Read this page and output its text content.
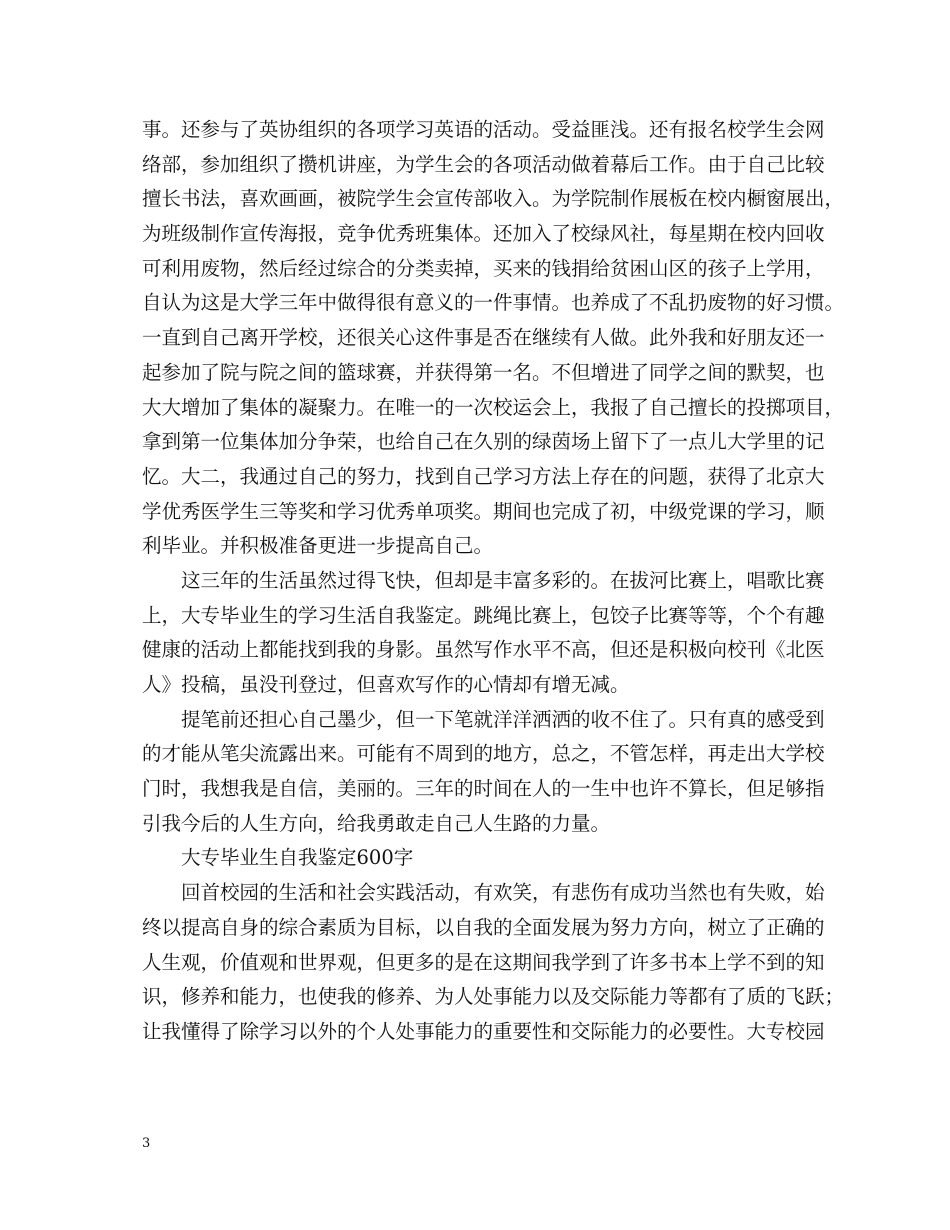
事。还参与了英协组织的各项学习英语的活动。受益匪浅。还有报名校学生会网
络部，参加组织了攒机讲座，为学生会的各项活动做着幕后工作。由于自己比较
擅长书法，喜欢画画，被院学生会宣传部收入。为学院制作展板在校内橱窗展出，
为班级制作宣传海报，竞争优秀班集体。还加入了校绿风社，每星期在校内回收
可利用废物，然后经过综合的分类卖掉，买来的钱捐给贫困山区的孩子上学用，
自认为这是大学三年中做得很有意义的一件事情。也养成了不乱扔废物的好习惯。
一直到自己离开学校，还很关心这件事是否在继续有人做。此外我和好朋友还一
起参加了院与院之间的篮球赛，并获得第一名。不但增进了同学之间的默契，也
大大增加了集体的凝聚力。在唯一的一次校运会上，我报了自己擅长的投掷项目，
拿到第一位集体加分争荣，也给自己在久别的绿茵场上留下了一点儿大学里的记
忆。大二，我通过自己的努力，找到自己学习方法上存在的问题，获得了北京大
学优秀医学生三等奖和学习优秀单项奖。期间也完成了初，中级党课的学习，顺
利毕业。并积极准备更进一步提高自己。
这三年的生活虽然过得飞快，但却是丰富多彩的。在拔河比赛上，唱歌比赛
上，大专毕业生的学习生活自我鉴定。跳绳比赛上，包饺子比赛等等，个个有趣
健康的活动上都能找到我的身影。虽然写作水平不高，但还是积极向校刊《北医
人》投稿，虽没刊登过，但喜欢写作的心情却有增无减。
提笔前还担心自己墨少，但一下笔就洋洋洒洒的收不住了。只有真的感受到
的才能从笔尖流露出来。可能有不周到的地方，总之，不管怎样，再走出大学校
门时，我想我是自信，美丽的。三年的时间在人的一生中也许不算长，但足够指
引我今后的人生方向，给我勇敢走自己人生路的力量。
大专毕业生自我鉴定600字
回首校园的生活和社会实践活动，有欢笑，有悲伤有成功当然也有失败，始
终以提高自身的综合素质为目标，以自我的全面发展为努力方向，树立了正确的
人生观，价值观和世界观，但更多的是在这期间我学到了许多书本上学不到的知
识，修养和能力，也使我的修养、为人处事能力以及交际能力等都有了质的飞跃；
让我懂得了除学习以外的个人处事能力的重要性和交际能力的必要性。大专校园
3
